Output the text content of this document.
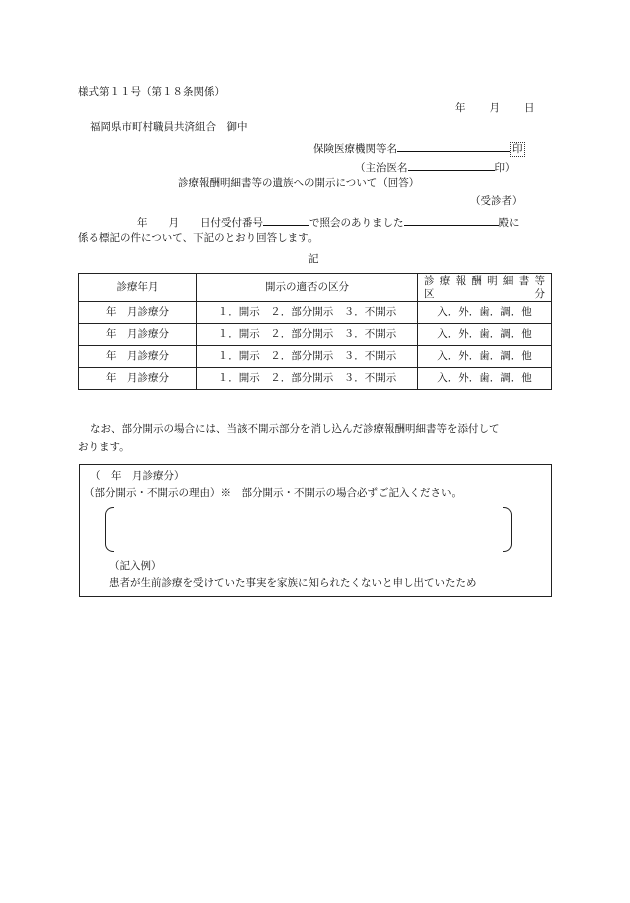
様式第１１号（第１８条関係）
年　　月　　日
福岡県市町村職員共済組合　御中
保険医療機関等名	印
（主治医名	印）
診療報酬明細書等の遺族への開示について（回答）
（受診者）
年　　月　　日付受付番号	で照会のありました	殿に
係る標記の件について、下記のとおり回答します。
記
診療年月	開示の適否の区分	診療報酬明細書等
区 分

年　月診療分	１．開示　２．部分開示　３．不開示	入．外．歯．調．他
年　月診療分	１．開示　２．部分開示　３．不開示	入．外．歯．調．他
年　月診療分	１．開示　２．部分開示　３．不開示	入．外．歯．調．他
年　月診療分	１．開示　２．部分開示　３．不開示	入．外．歯．調．他
なお、部分開示の場合には、当該不開示部分を消し込んだ診療報酬明細書等を添付して
おります。
（　年　月診療分）
（部分開示・不開示の理由）※　部分開示・不開示の場合必ずご記入ください。
（記入例）
患者が生前診療を受けていた事実を家族に知られたくないと申し出ていたため
